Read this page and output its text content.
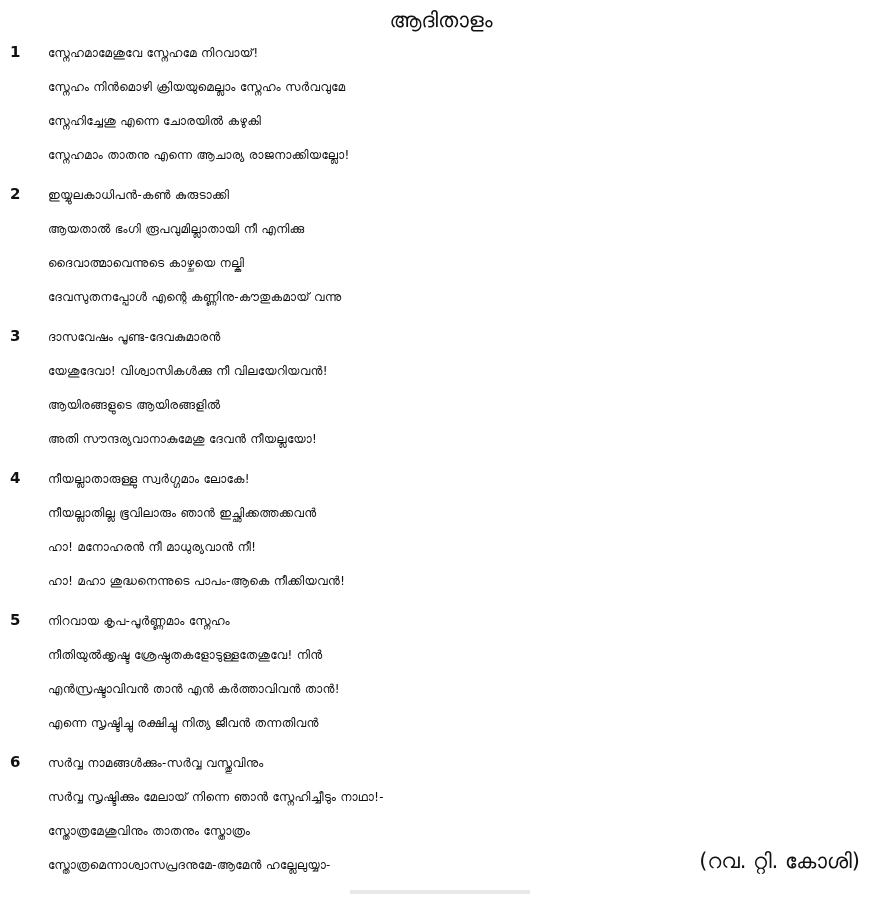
ആദിതാളം
1 സ്നേഹമാമേശുവേ സ്നേഹമേ നിറവായ്!
സ്നേഹം നിൻമൊഴി ക്രിയയുമെല്ലാം സ്നേഹം സർവവുമേ
സ്നേഹിച്ചേശു എന്നെ ചോരയിൽ കഴുകി
സ്നേഹമാം താതനു എന്നെ ആചാര്യ രാജനാക്കിയല്ലോ!
2 ഇയ്യുലകാധിപൻ-കൺ കുരുടാക്കി
ആയതാൽ ഭംഗി രൂപവുമില്ലാതായി നീ എനിക്കു
ദൈവാത്മാവെന്നുടെ കാഴ്ചയെ നല്കി
ദേവസുതനപ്പോൾ എന്റെ കണ്ണിനു-കൗതുകമായ് വന്നു
3 ദാസവേഷം പൂണ്ട-ദേവകുമാരൻ
യേശുദേവാ! വിശ്വാസികൾക്കു നീ വിലയേറിയവൻ!
ആയിരങ്ങളുടെ ആയിരങ്ങളിൽ
അതി സൗന്ദര്യവാനാകുമേശു ദേവൻ നീയല്ലയോ!
4 നീയല്ലാതാരുള്ളു സ്വർഗ്ഗമാം ലോകേ!
നീയല്ലാതില്ല ഭൂവിലാരും ഞാൻ ഇച്ഛിക്കത്തക്കവൻ
ഹാ! മനോഹരൻ നീ മാധുര്യവാൻ നീ!
ഹാ! മഹാ ശുദ്ധനെന്നുടെ പാപം-ആകെ നീക്കിയവൻ!
5 നിറവായ കൃപ-പൂർണ്ണമാം സ്നേഹം
നീതിയുൽക്കൃഷ്ട ശ്രേഷ്ഠതകളോടുള്ളതേശുവേ! നിൻ
എൻസ്രഷ്ടാവിവൻ താൻ എൻ കർത്താവിവൻ താൻ!
എന്നെ സൃഷ്ടിച്ചു രക്ഷിച്ചു നിത്യ ജീവൻ തന്നതിവൻ
6 സർവ്വ നാമങ്ങൾക്കും-സർവ്വ വസ്തുവിനും
സർവ്വ സൃഷ്ടിക്കും മേലായ് നിന്നെ ഞാൻ സ്നേഹിച്ചീടും നാഥാ!-
സ്തോത്രമേശുവിനും താതനും സ്തോത്രം
സ്തോത്രമെന്നാശ്വാസപ്രദനുമേ-ആമേൻ ഹല്ലേലുയ്യാ-	(റവ. റ്റി. കോശി)
